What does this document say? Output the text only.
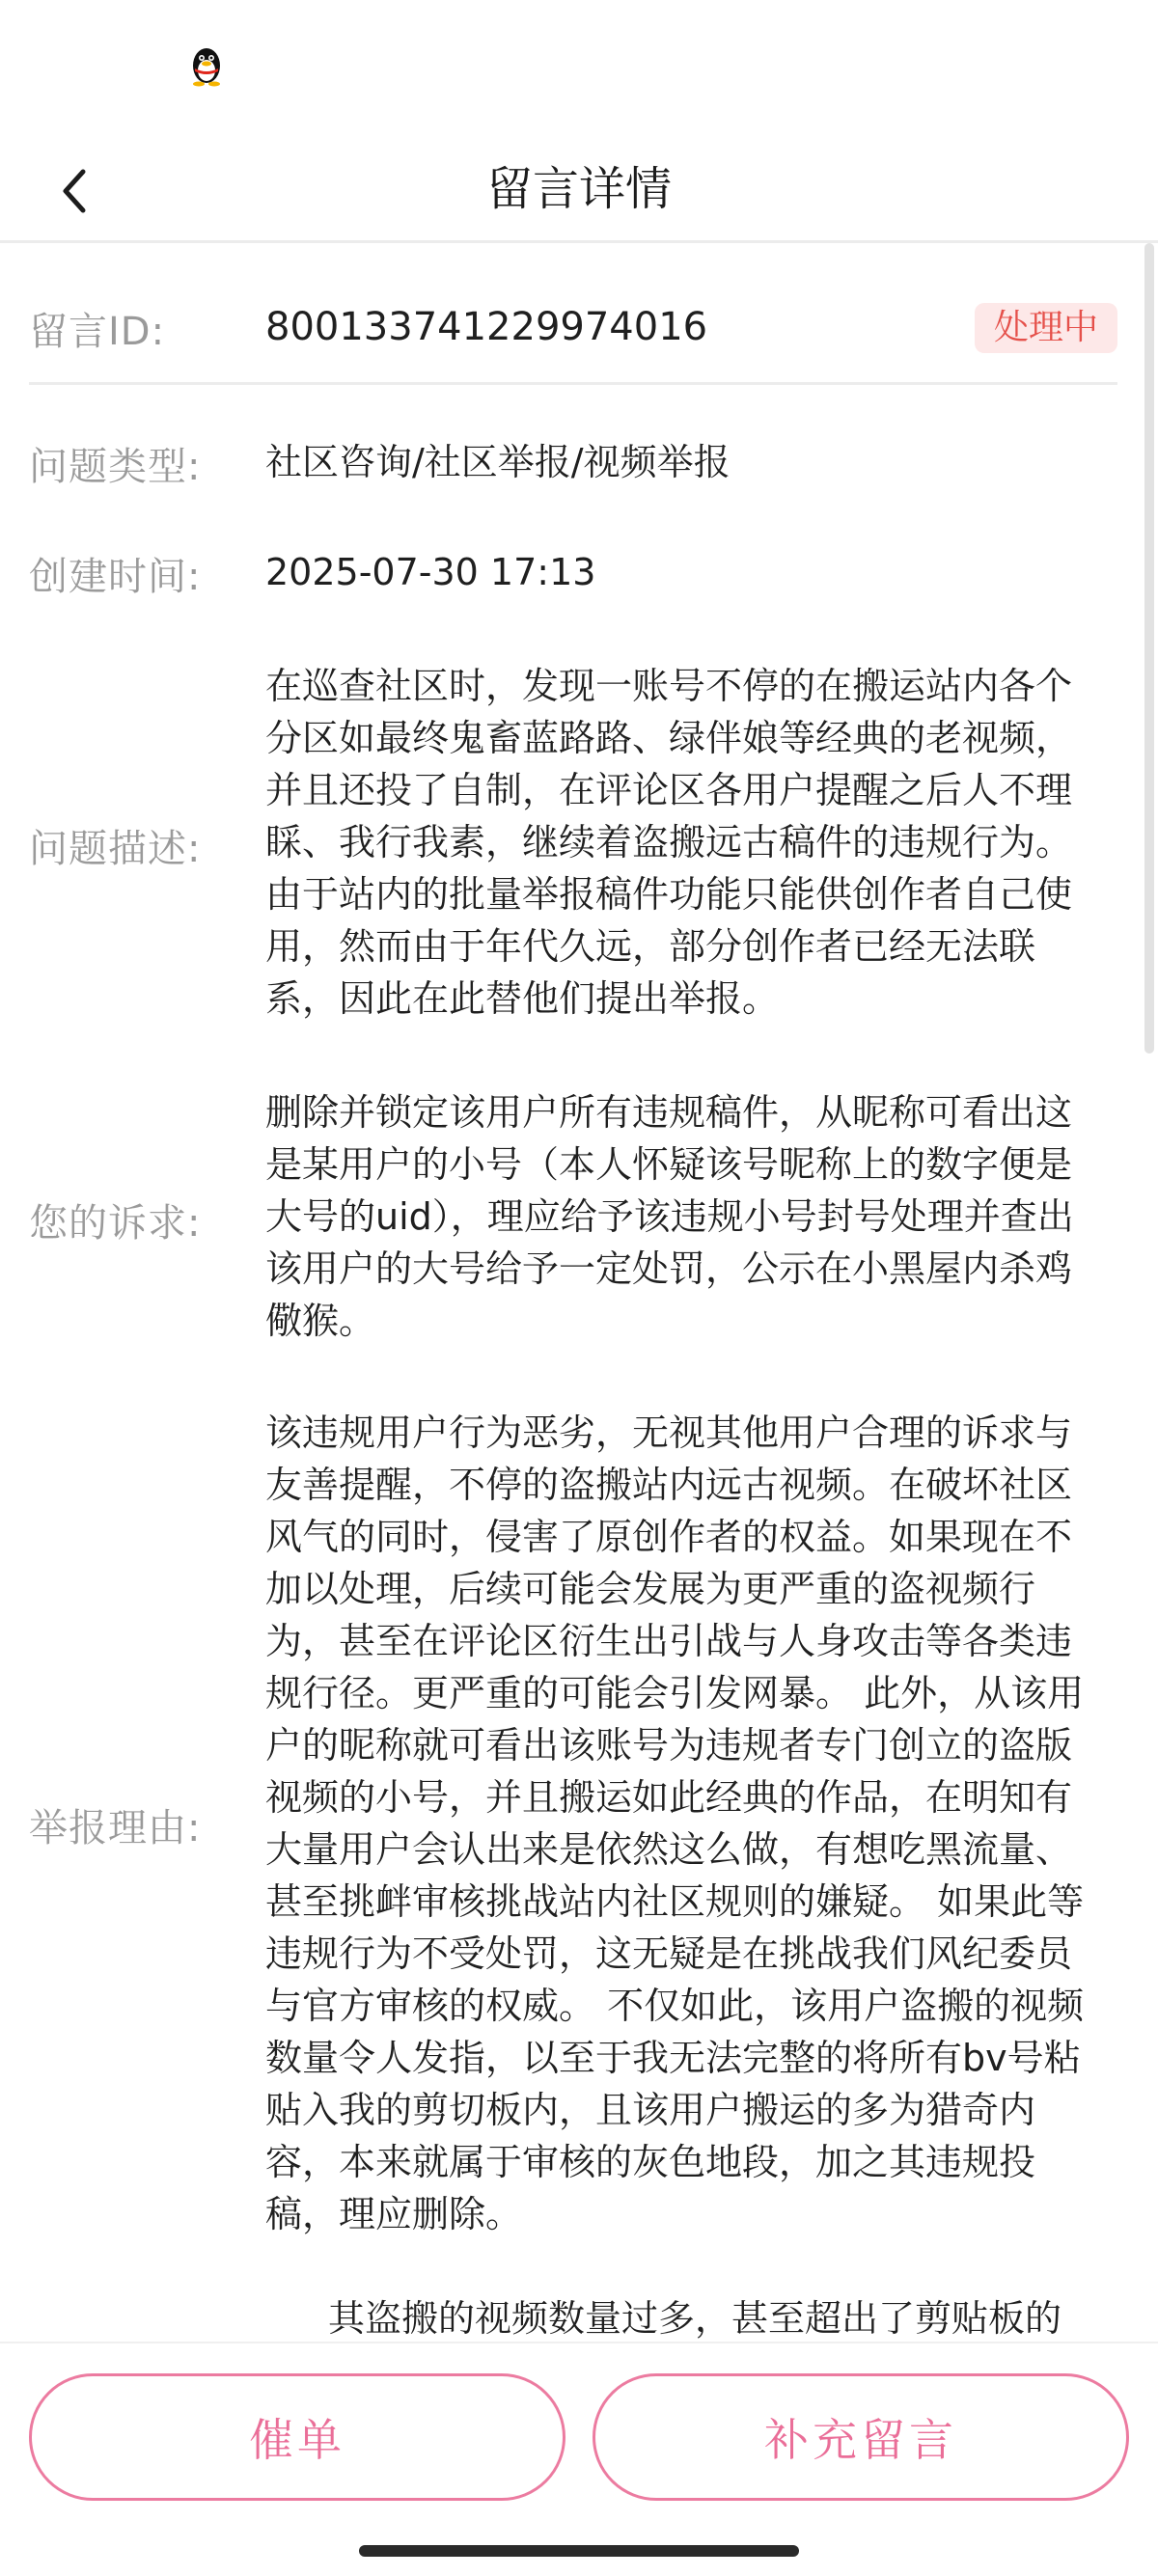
留言详情
留言ID:	800133741229974016	处理中
问题类型: 社区咨询/社区举报/视频举报
创建时间: 2025-07-30 17:13
问题描述:
在巡查社区时，发现一账号不停的在搬运站内各个
分区如最终鬼畜蓝路路、绿伴娘等经典的老视频，
并且还投了自制，在评论区各用户提醒之后人不理
睬、我行我素，继续着盗搬远古稿件的违规行为。
由于站内的批量举报稿件功能只能供创作者自己使
用，然而由于年代久远，部分创作者已经无法联
系，因此在此替他们提出举报。
您的诉求:
删除并锁定该用户所有违规稿件，从昵称可看出这
是某用户的小号（本人怀疑该号昵称上的数字便是
大号的uid），理应给予该违规小号封号处理并查出
该用户的大号给予一定处罚，公示在小黑屋内杀鸡
儆猴。
举报理由:
该违规用户行为恶劣，无视其他用户合理的诉求与
友善提醒，不停的盗搬站内远古视频。在破坏社区
风气的同时，侵害了原创作者的权益。如果现在不
加以处理，后续可能会发展为更严重的盗视频行
为，甚至在评论区衍生出引战与人身攻击等各类违
规行径。更严重的可能会引发网暴。 此外，从该用
户的昵称就可看出该账号为违规者专门创立的盗版
视频的小号，并且搬运如此经典的作品，在明知有
大量用户会认出来是依然这么做，有想吃黑流量、
甚至挑衅审核挑战站内社区规则的嫌疑。 如果此等
违规行为不受处罚，这无疑是在挑战我们风纪委员
与官方审核的权威。 不仅如此，该用户盗搬的视频
数量令人发指，以至于我无法完整的将所有bv号粘
贴入我的剪切板内，且该用户搬运的多为猎奇内
容，本来就属于审核的灰色地段，加之其违规投
稿，理应删除。
其盗搬的视频数量过多，甚至超出了剪贴板的
催单	补充留言
